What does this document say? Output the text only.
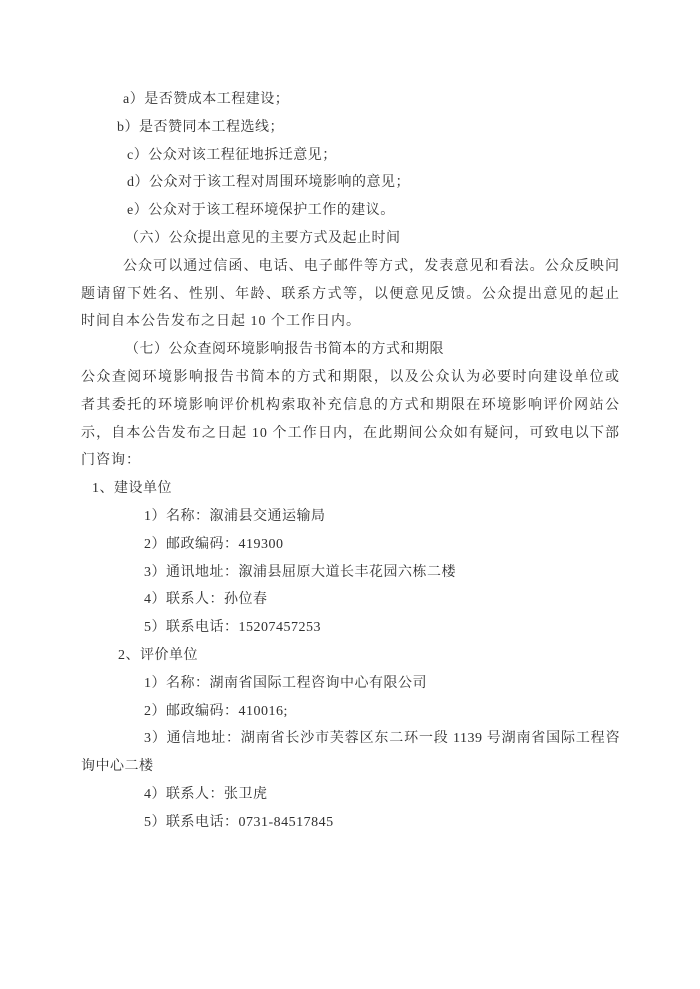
a）是否赞成本工程建设；
b）是否赞同本工程选线；
c）公众对该工程征地拆迁意见；
d）公众对于该工程对周围环境影响的意见；
e）公众对于该工程环境保护工作的建议。
（六）公众提出意见的主要方式及起止时间

公众可以通过信函、电话、电子邮件等方式，发表意见和看法。公众反映问题请留下姓名、性别、年龄、联系方式等，以便意见反馈。公众提出意见的起止时间自本公告发布之日起 10 个工作日内。

（七）公众查阅环境影响报告书简本的方式和期限

公众查阅环境影响报告书简本的方式和期限，以及公众认为必要时向建设单位或者其委托的环境影响评价机构索取补充信息的方式和期限在环境影响评价网站公示，自本公告发布之日起 10 个工作日内，在此期间公众如有疑问，可致电以下部门咨询：

1、建设单位
1）名称：溆浦县交通运输局
2）邮政编码：419300
3）通讯地址：溆浦县屈原大道长丰花园六栋二楼
4）联系人：孙位春
5）联系电话：15207457253
2、评价单位
1）名称：湖南省国际工程咨询中心有限公司
2）邮政编码：410016;
3）通信地址：湖南省长沙市芙蓉区东二环一段 1139 号湖南省国际工程咨询中心二楼
4）联系人：张卫虎
5）联系电话：0731-84517845
